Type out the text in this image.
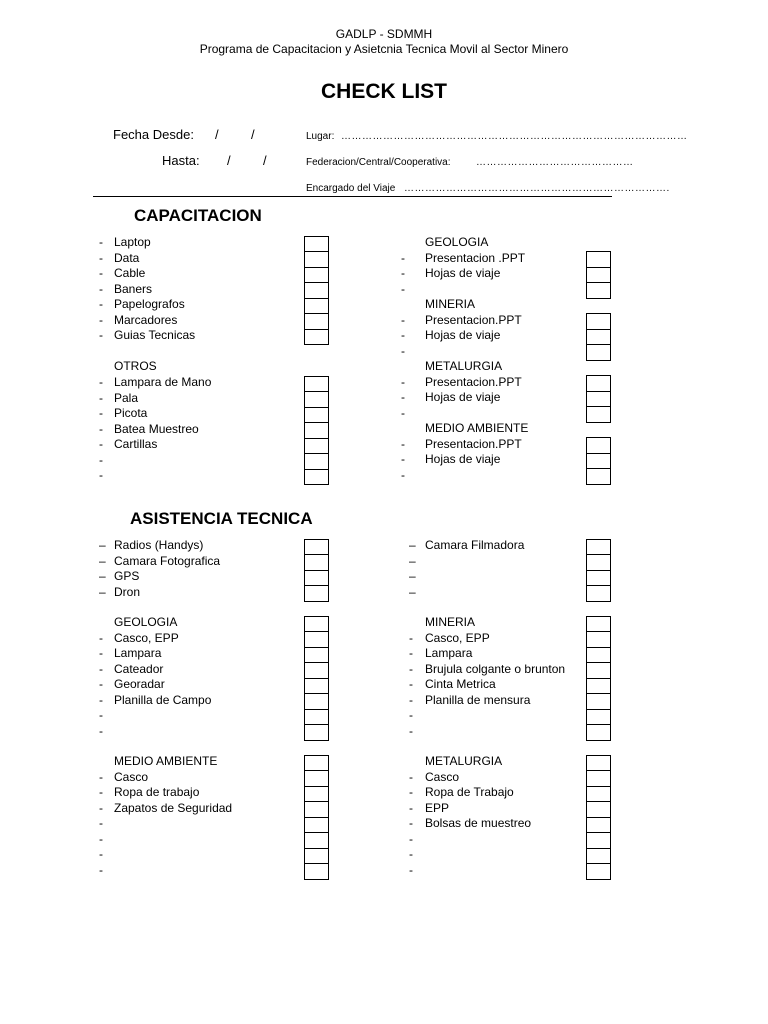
GADLP - SDMMH
Programa de Capacitacion y Asietcnia Tecnica Movil al Sector Minero
CHECK LIST
Fecha Desde: / /
Hasta: / /
Lugar: ………………………………………………………………………………………
Federacion/Central/Cooperativa:	………………………………………
Encargado del Viaje ………………………………………………………………….
CAPACITACION
ASISTENCIA TECNICA
- Laptop
- Data
- Cable
- Baners
- Papelografos
- Marcadores
- Guias Tecnicas
OTROS
- Lampara de Mano
- Pala
- Picota
- Batea Muestreo
- Cartillas
-
-
GEOLOGIA
-	Presentacion .PPT
-	Hojas de viaje
-
MINERIA
-	Presentacion.PPT
-	Hojas de viaje
-
METALURGIA
-	Presentacion.PPT
-	Hojas de viaje
-
MEDIO AMBIENTE
-	Presentacion.PPT
-	Hojas de viaje
-
– Radios (Handys)
– Camara Fotografica
– GPS
– Dron
– Camara Filmadora
–
–
–
GEOLOGIA
- Casco, EPP
- Lampara
- Cateador
- Georadar
- Planilla de Campo
-
-
MINERIA
-	Casco, EPP
-	Lampara
-	Brujula colgante o brunton
-	Cinta Metrica
-	Planilla de mensura
-
-
MEDIO AMBIENTE
- Casco
- Ropa de trabajo
- Zapatos de Seguridad
-
-
-
-
METALURGIA
-	Casco
-	Ropa de Trabajo
-	EPP
-	Bolsas de muestreo
-
-
-
